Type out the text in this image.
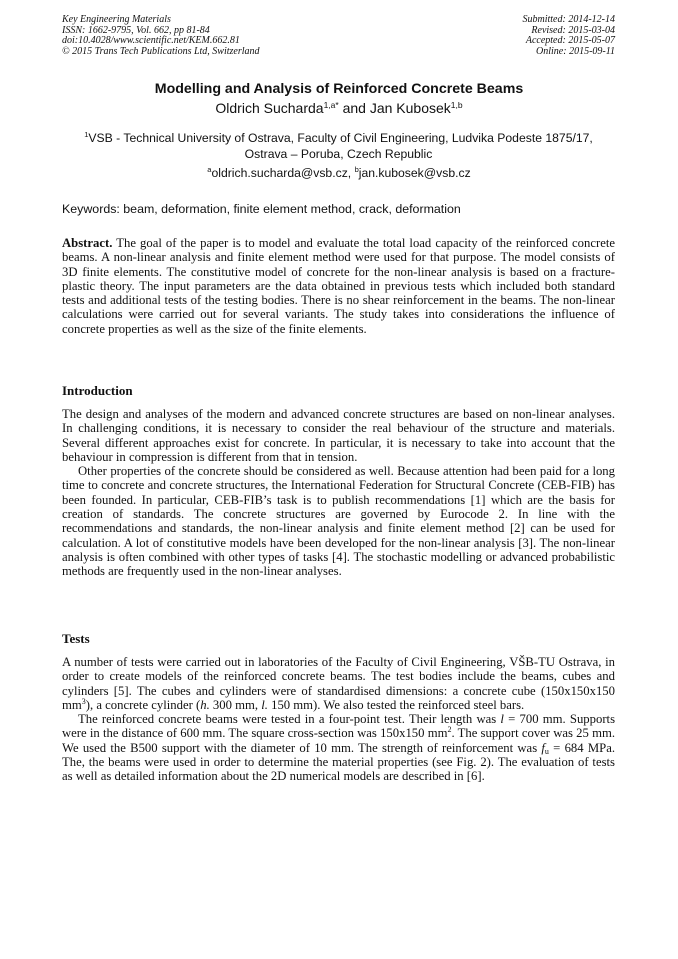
Key Engineering Materials
ISSN: 1662-9795, Vol. 662, pp 81-84
doi:10.4028/www.scientific.net/KEM.662.81
© 2015 Trans Tech Publications Ltd, Switzerland
Submitted: 2014-12-14
Revised: 2015-03-04
Accepted: 2015-05-07
Online: 2015-09-11
Modelling and Analysis of Reinforced Concrete Beams
Oldrich Sucharda$^{1,a*}$ and Jan Kubosek$^{1,b}$
$^1$VSB - Technical University of Ostrava, Faculty of Civil Engineering, Ludvika Podeste 1875/17,
Ostrava – Poruba, Czech Republic
$^a$oldrich.sucharda@vsb.cz, $^b$jan.kubosek@vsb.cz
Keywords: beam, deformation, finite element method, crack, deformation

Abstract. The goal of the paper is to model and evaluate the total load capacity of the reinforced concrete beams. A non-linear analysis and finite element method were used for that purpose. The model consists of 3D finite elements. The constitutive model of concrete for the non-linear analysis is based on a fracture-plastic theory. The input parameters are the data obtained in previous tests which included both standard tests and additional tests of the testing bodies. There is no shear reinforcement in the beams. The non-linear calculations were carried out for several variants. The study takes into considerations the influence of concrete properties as well as the size of the finite elements.

Introduction

The design and analyses of the modern and advanced concrete structures are based on non-linear analyses. In challenging conditions, it is necessary to consider the real behaviour of the structure and materials. Several different approaches exist for concrete. In particular, it is necessary to take into account that the behaviour in compression is different from that in tension.

Other properties of the concrete should be considered as well. Because attention had been paid for a long time to concrete and concrete structures, the International Federation for Structural Concrete (CEB-FIB) has been founded. In particular, CEB-FIB’s task is to publish recommendations [1] which are the basis for creation of standards. The concrete structures are governed by Eurocode 2. In line with the recommendations and standards, the non-linear analysis and finite element method [2] can be used for calculation. A lot of constitutive models have been developed for the non-linear analysis [3]. The non-linear analysis is often combined with other types of tasks [4]. The stochastic modelling or advanced probabilistic methods are frequently used in the non-linear analyses.

Tests

A number of tests were carried out in laboratories of the Faculty of Civil Engineering, VŠB-TU Ostrava, in order to create models of the reinforced concrete beams. The test bodies include the beams, cubes and cylinders [5]. The cubes and cylinders were of standardised dimensions: a concrete cube (150x150x150 $mm^3$), a concrete cylinder (h. 300 mm, l. 150 mm). We also tested the reinforced steel bars.

The reinforced concrete beams were tested in a four-point test. Their length was l = 700 mm. Supports were in the distance of 600 mm. The square cross-section was 150x150 $mm^2$. The support cover was 25 mm. We used the B500 support with the diameter of 10 mm. The strength of reinforcement was $f_u = 684$ MPa. The, the beams were used in order to determine the material properties (see Fig. 2). The evaluation of tests as well as detailed information about the 2D numerical models are described in [6].
